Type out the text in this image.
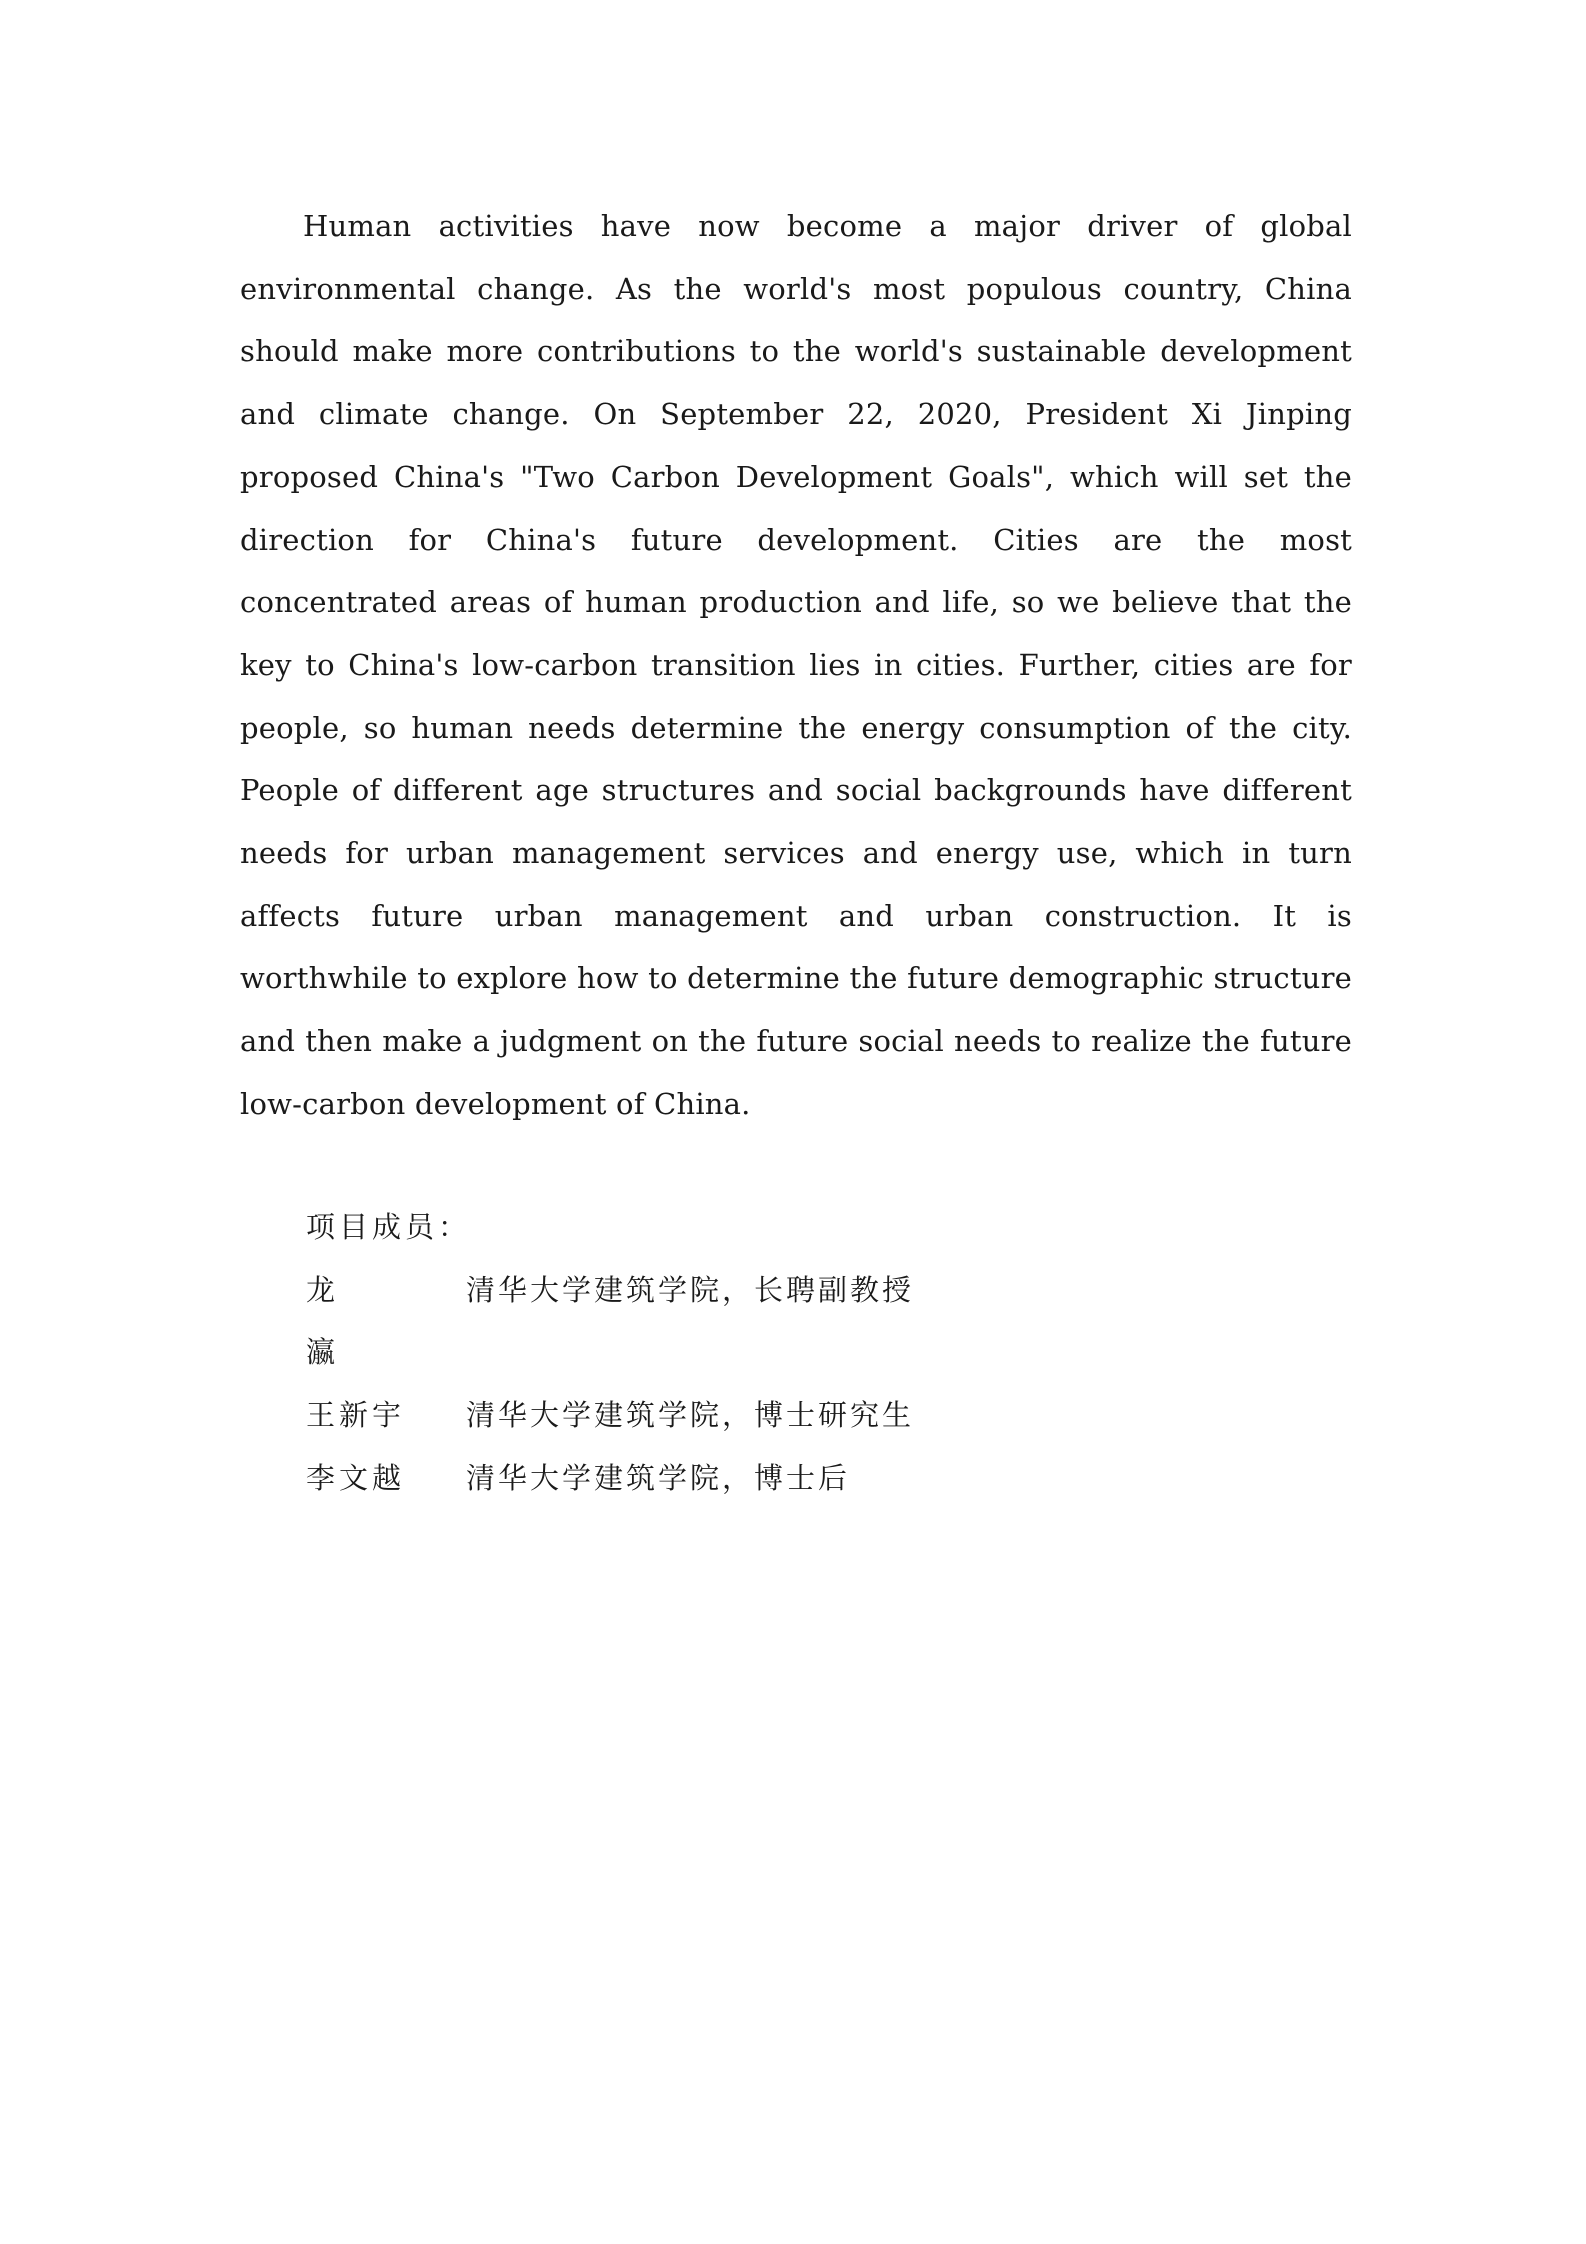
Human activities have now become a major driver of global environmental change. As the world's most populous country, China should make more contributions to the world's sustainable development and climate change. On September 22, 2020, President Xi Jinping proposed China's "Two Carbon Development Goals", which will set the direction for China's future development. Cities are the most concentrated areas of human production and life, so we believe that the key to China's low-carbon transition lies in cities. Further, cities are for people, so human needs determine the energy consumption of the city. People of different age structures and social backgrounds have different needs for urban management services and energy use, which in turn affects future urban management and urban construction. It is worthwhile to explore how to determine the future demographic structure and then make a judgment on the future social needs to realize the future low-carbon development of China.

项目成员：

龙 瀛
清华大学建筑学院，长聘副教授
王新宇	清华大学建筑学院，博士研究生
李文越	清华大学建筑学院，博士后
